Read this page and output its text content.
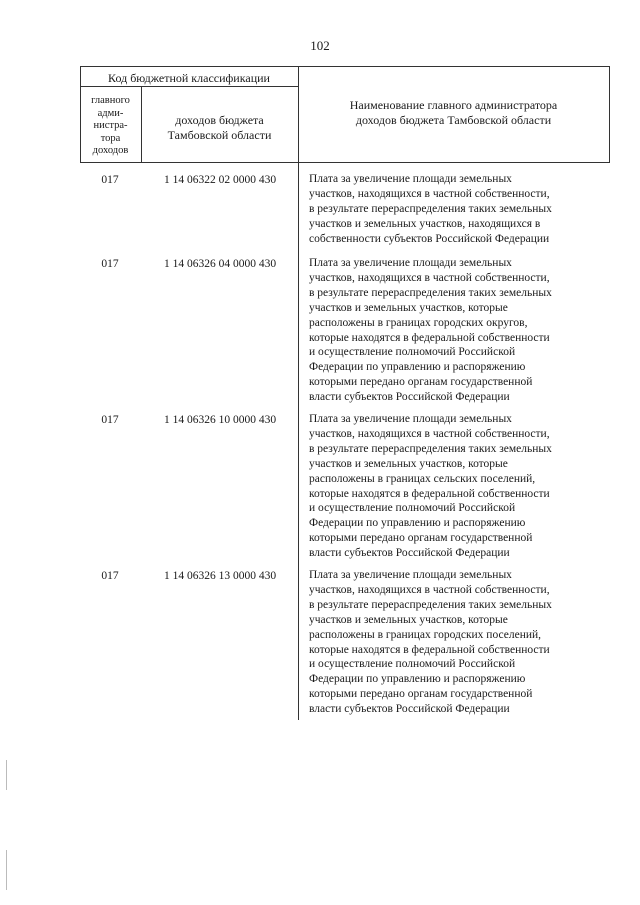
102
Код бюджетной классификации
главного
адми-
нистра-
тора
доходов
доходов бюджета
Тамбовской области
Наименование главного администратора
доходов бюджета Тамбовской области
017	1 14 06322 02 0000 430	Плата за увеличение площади земельных
участков, находящихся в частной собственности,
в результате перераспределения таких земельных
участков и земельных участков, находящихся в
собственности субъектов Российской Федерации
017	1 14 06326 04 0000 430	Плата за увеличение площади земельных
участков, находящихся в частной собственности,
в результате перераспределения таких земельных
участков и земельных участков, которые
расположены в границах городских округов,
которые находятся в федеральной собственности
и осуществление полномочий Российской
Федерации по управлению и распоряжению
которыми передано органам государственной
власти субъектов Российской Федерации
017	1 14 06326 10 0000 430	Плата за увеличение площади земельных
участков, находящихся в частной собственности,
в результате перераспределения таких земельных
участков и земельных участков, которые
расположены в границах сельских поселений,
которые находятся в федеральной собственности
и осуществление полномочий Российской
Федерации по управлению и распоряжению
которыми передано органам государственной
власти субъектов Российской Федерации
017	1 14 06326 13 0000 430	Плата за увеличение площади земельных
участков, находящихся в частной собственности,
в результате перераспределения таких земельных
участков и земельных участков, которые
расположены в границах городских поселений,
которые находятся в федеральной собственности
и осуществление полномочий Российской
Федерации по управлению и распоряжению
которыми передано органам государственной
власти субъектов Российской Федерации
